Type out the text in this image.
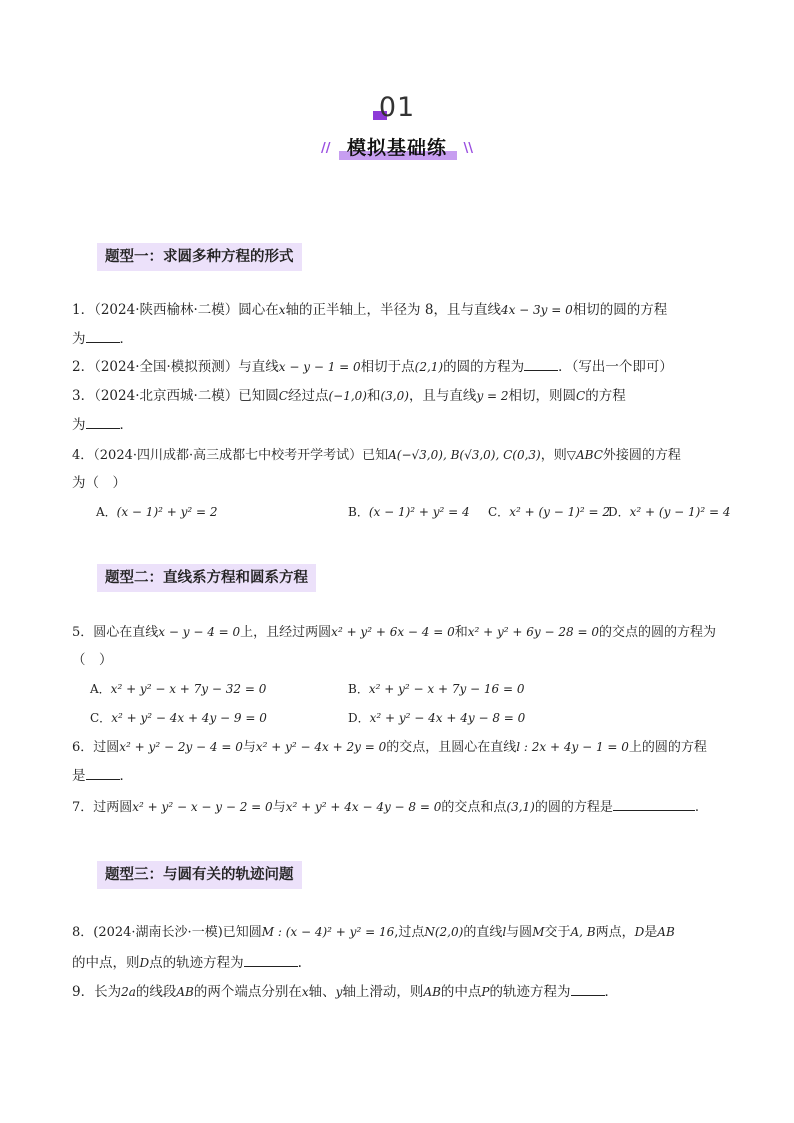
01
// 模拟基础练 \\
题型一：求圆多种方程的形式
1．（2024·陕西榆林·二模）圆心在x轴的正半轴上，半径为 8，且与直线4x − 3y = 0相切的圆的方程
为	．
2．（2024·全国·模拟预测）与直线x − y − 1 = 0相切于点(2,1)的圆的方程为	．（写出一个即可）
3．（2024·北京西城·二模）已知圆C经过点(−1,0)和(3,0)，且与直线y = 2相切，则圆C的方程
为	．
4．（2024·四川成都·高三成都七中校考开学考试）已知A(−√3,0), B(√3,0), C(0,3)，则▽ABC外接圆的方程
为（　）
A．(x − 1)² + y² = 2	B．(x − 1)² + y² = 4 C．x² + (y − 1)² = 2
D．x² + (y − 1)² = 4
题型二：直线系方程和圆系方程
5．圆心在直线x − y − 4 = 0上，且经过两圆x² + y² + 6x − 4 = 0和x² + y² + 6y − 28 = 0的交点的圆的方程为
（　）
A．x² + y² − x + 7y − 32 = 0	B．x² + y² − x + 7y − 16 = 0
C．x² + y² − 4x + 4y − 9 = 0	D．x² + y² − 4x + 4y − 8 = 0
6．过圆x² + y² − 2y − 4 = 0与x² + y² − 4x + 2y = 0的交点，且圆心在直线l : 2x + 4y − 1 = 0上的圆的方程
是	．
7．过两圆x² + y² − x − y − 2 = 0与x² + y² + 4x − 4y − 8 = 0的交点和点(3,1)的圆的方程是	.
题型三：与圆有关的轨迹问题
8．(2024·湖南长沙·一模)已知圆M : (x − 4)² + y² = 16,过点N(2,0)的直线l与圆M交于A, B两点，D是AB
的中点，则D点的轨迹方程为	.
9．长为2a的线段AB的两个端点分别在x轴、y轴上滑动，则AB的中点P的轨迹方程为	．
